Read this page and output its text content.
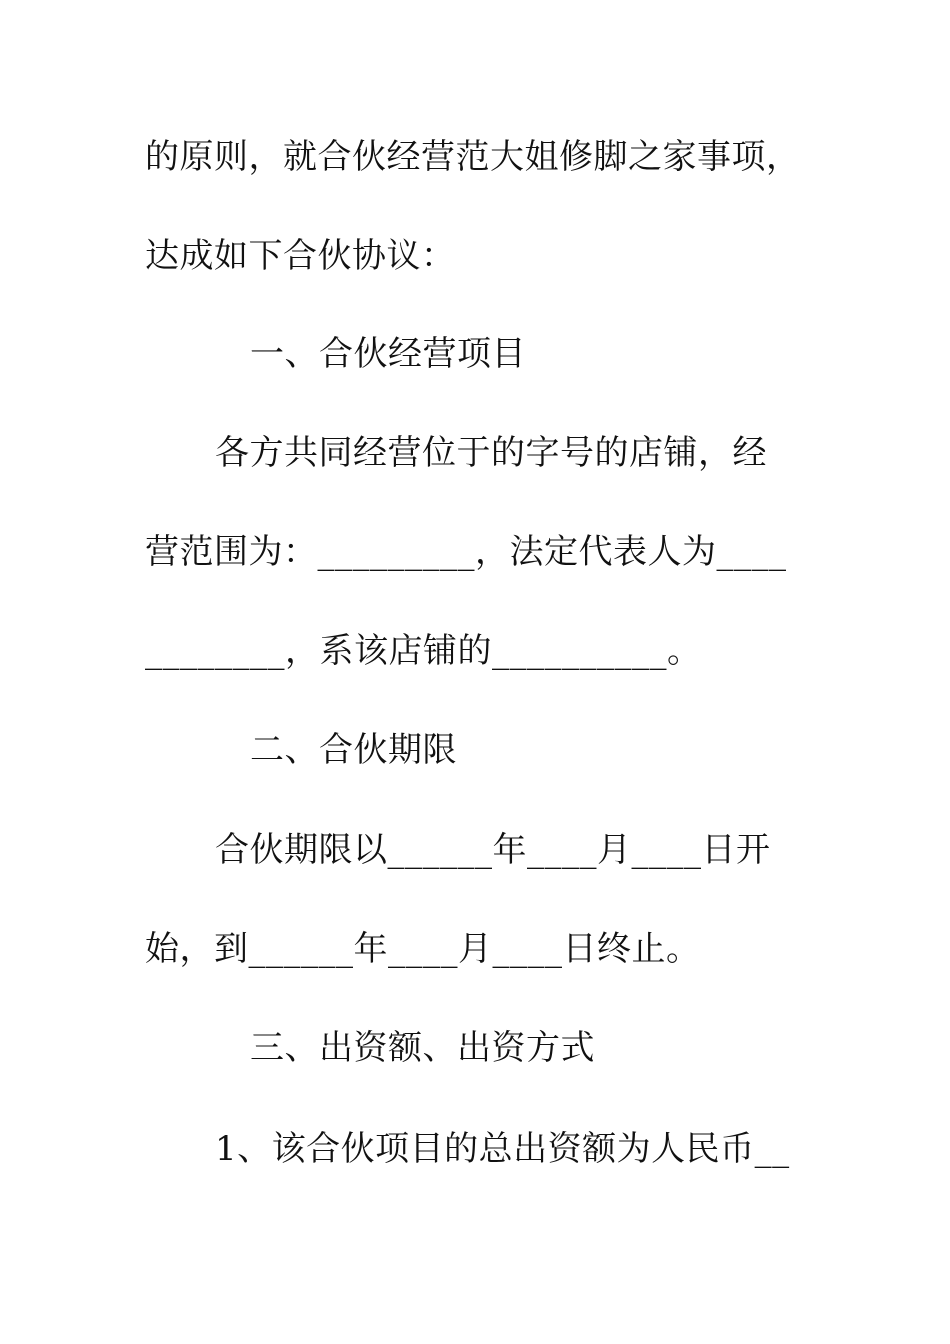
的原则，就合伙经营范大姐修脚之家事项，
达成如下合伙协议：
一、合伙经营项目
各方共同经营位于的字号的店铺，经
营范围为：_________，法定代表人为____
________，系该店铺的__________。
二、合伙期限
合伙期限以______年____月____日开
始，到______年____月____日终止。
三、出资额、出资方式
1、该合伙项目的总出资额为人民币__
